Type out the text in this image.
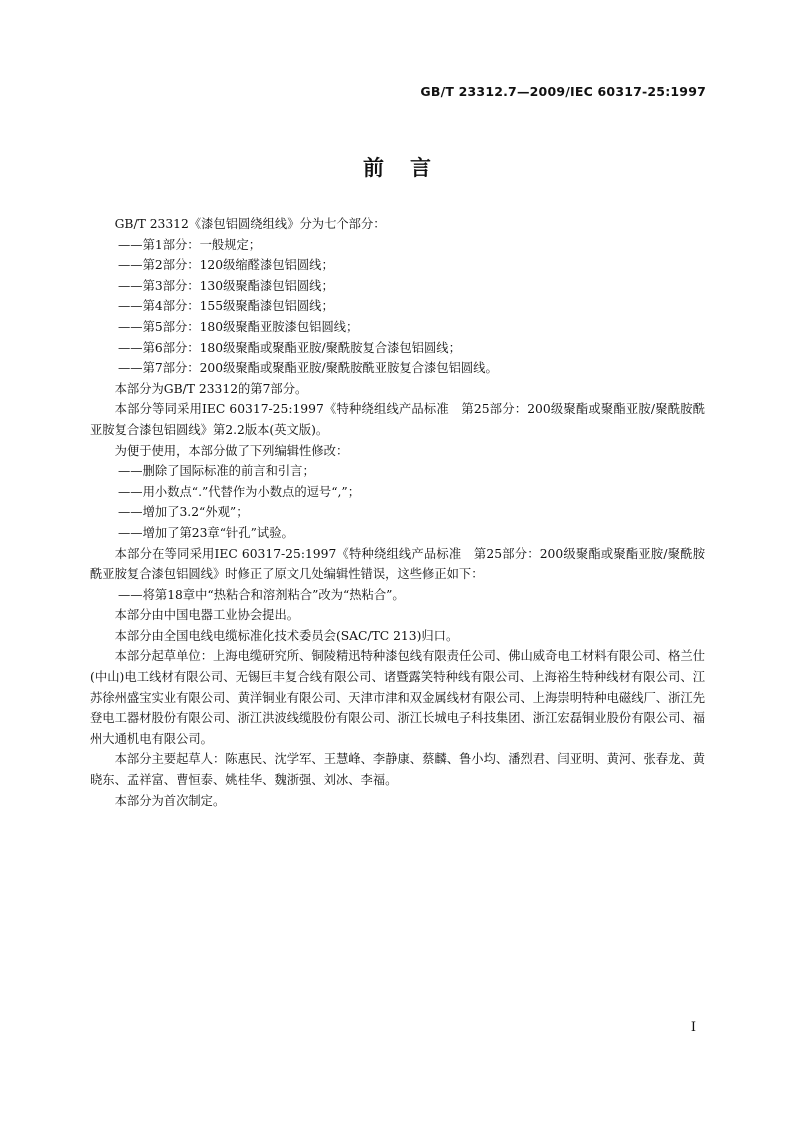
GB/T 23312.7—2009/IEC 60317-25:1997
前言
GB/T 23312《漆包铝圆绕组线》分为七个部分：
——第1部分：一般规定；
——第2部分：120级缩醛漆包铝圆线；
——第3部分：130级聚酯漆包铝圆线；
——第4部分：155级聚酯漆包铝圆线；
——第5部分：180级聚酯亚胺漆包铝圆线；
——第6部分：180级聚酯或聚酯亚胺/聚酰胺复合漆包铝圆线；
——第7部分：200级聚酯或聚酯亚胺/聚酰胺酰亚胺复合漆包铝圆线。
本部分为GB/T 23312的第7部分。
本部分等同采用IEC 60317-25:1997《特种绕组线产品标准　第25部分：200级聚酯或聚酯亚胺/聚酰胺酰亚胺复合漆包铝圆线》第2.2版本(英文版)。
为便于使用，本部分做了下列编辑性修改：
——删除了国际标准的前言和引言；
——用小数点“.”代替作为小数点的逗号“,”；
——增加了3.2“外观”；
——增加了第23章“针孔”试验。
本部分在等同采用IEC 60317-25:1997《特种绕组线产品标准　第25部分：200级聚酯或聚酯亚胺/聚酰胺酰亚胺复合漆包铝圆线》时修正了原文几处编辑性错误，这些修正如下：
——将第18章中“热粘合和溶剂粘合”改为“热粘合”。
本部分由中国电器工业协会提出。
本部分由全国电线电缆标准化技术委员会(SAC/TC 213)归口。
本部分起草单位：上海电缆研究所、铜陵精迅特种漆包线有限责任公司、佛山威奇电工材料有限公司、格兰仕(中山)电工线材有限公司、无锡巨丰复合线有限公司、诸暨露笑特种线有限公司、上海裕生特种线材有限公司、江苏徐州盛宝实业有限公司、黄洋铜业有限公司、天津市津和双金属线材有限公司、上海崇明特种电磁线厂、浙江先登电工器材股份有限公司、浙江洪波线缆股份有限公司、浙江长城电子科技集团、浙江宏磊铜业股份有限公司、福州大通机电有限公司。
本部分主要起草人：陈惠民、沈学军、王慧峰、李静康、蔡麟、鲁小均、潘烈君、闫亚明、黄河、张春龙、黄晓东、孟祥富、曹恒泰、姚桂华、魏浙强、刘冰、李福。
本部分为首次制定。
I
